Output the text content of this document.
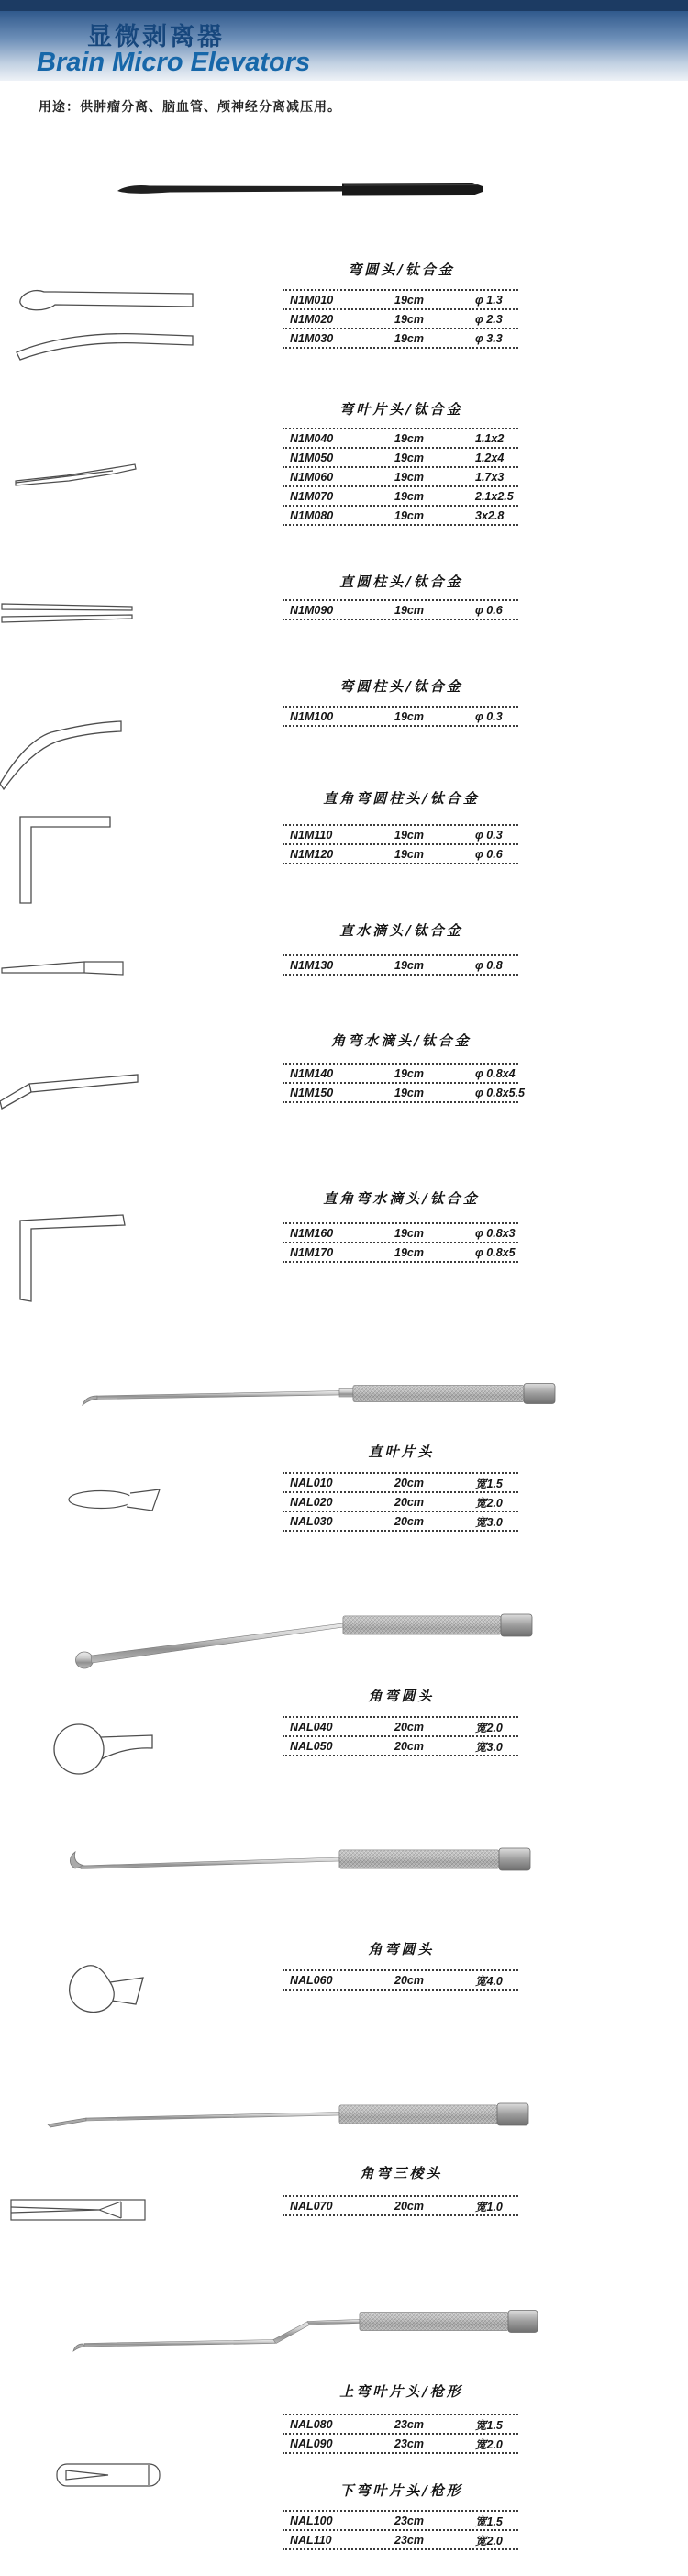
显微剥离器
Brain Micro Elevators
用途：供肿瘤分离、脑血管、颅神经分离减压用。
弯圆头/钛合金
N1M010	19cm	φ 1.3
N1M020	19cm	φ 2.3
N1M030	19cm	φ 3.3
弯叶片头/钛合金
N1M040	19cm	1.1x2
N1M050	19cm	1.2x4
N1M060	19cm	1.7x3
N1M070	19cm	2.1x2.5
N1M080	19cm	3x2.8
直圆柱头/钛合金
N1M090	19cm	φ 0.6
弯圆柱头/钛合金
N1M100	19cm	φ 0.3
直角弯圆柱头/钛合金
N1M110	19cm	φ 0.3
N1M120	19cm	φ 0.6
直水滴头/钛合金
N1M130	19cm	φ 0.8
角弯水滴头/钛合金
N1M140	19cm	φ 0.8x4
N1M150	19cm	φ 0.8x5.5
直角弯水滴头/钛合金
N1M160	19cm	φ 0.8x3
N1M170	19cm	φ 0.8x5
直叶片头
NAL010	20cm	宽1.5
NAL020	20cm	宽2.0
NAL030	20cm	宽3.0
角弯圆头
NAL040	20cm	宽2.0
NAL050	20cm	宽3.0
角弯圆头
NAL060	20cm	宽4.0
角弯三棱头
NAL070	20cm	宽1.0
上弯叶片头/枪形
NAL080	23cm	宽1.5
NAL090	23cm	宽2.0
下弯叶片头/枪形
NAL100	23cm	宽1.5
NAL110	23cm	宽2.0
